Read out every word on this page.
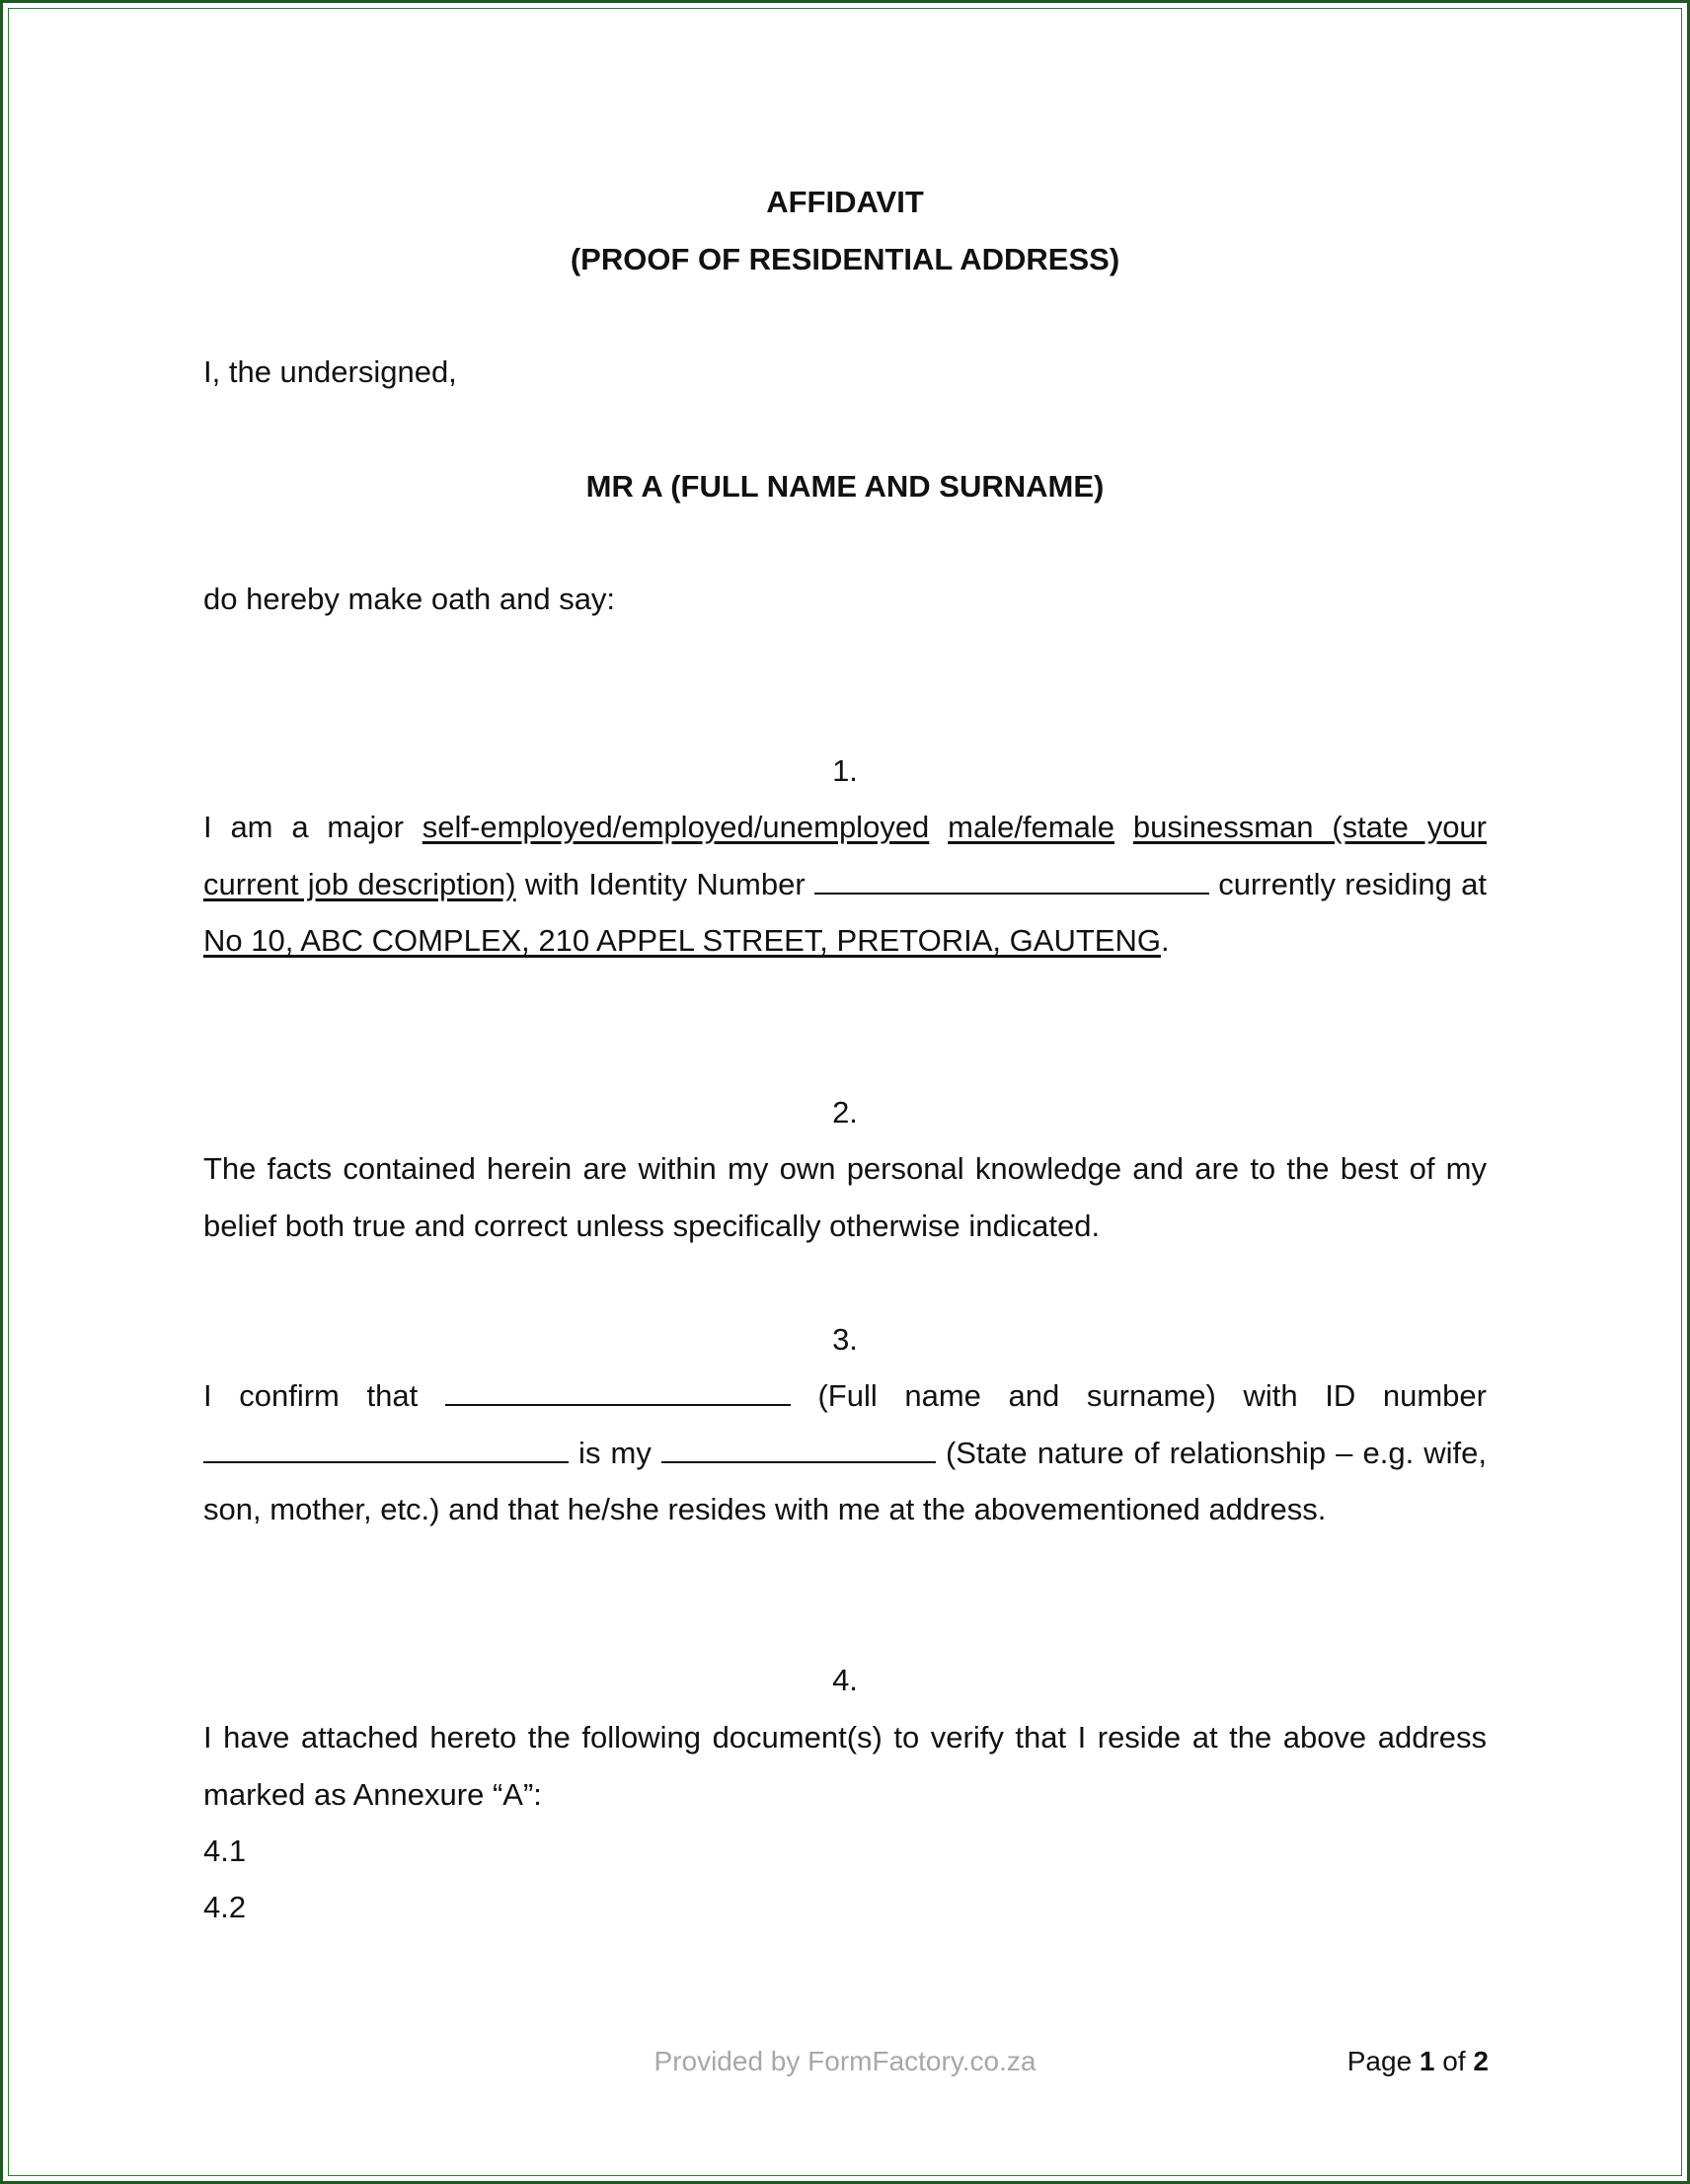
AFFIDAVIT
(PROOF OF RESIDENTIAL ADDRESS)
I, the undersigned,
MR A (FULL NAME AND SURNAME)
do hereby make oath and say:
1.
I am a major self-employed/employed/unemployed male/female businessman (state your current job description) with Identity Number	currently residing at No 10, ABC COMPLEX, 210 APPEL STREET, PRETORIA, GAUTENG.
2.
The facts contained herein are within my own personal knowledge and are to the best of my belief both true and correct unless specifically otherwise indicated.
3.
I confirm that	(Full name and surname) with ID number  is my	(State nature of relationship – e.g. wife, son, mother, etc.) and that he/she resides with me at the abovementioned address.
4.
I have attached hereto the following document(s) to verify that I reside at the above address marked as Annexure “A”:
4.1
4.2
Provided by FormFactory.co.za	Page 1 of 2
